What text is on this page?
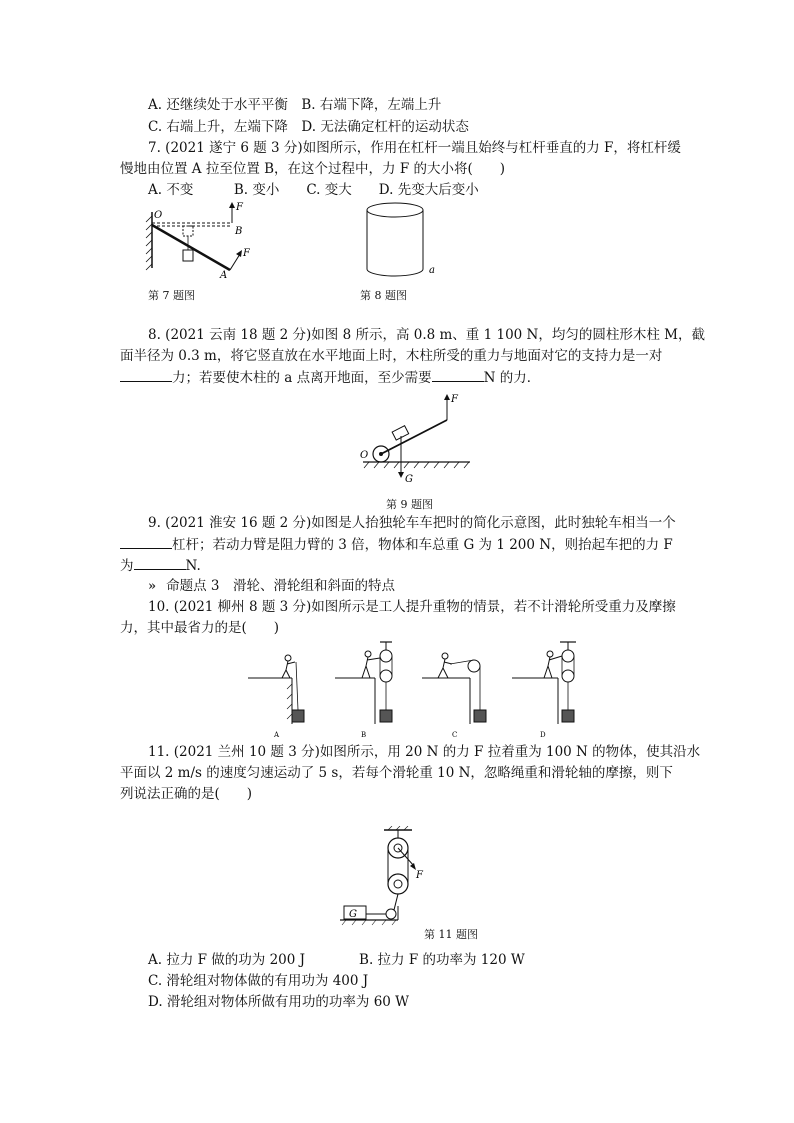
A. 还继续处于水平平衡　B. 右端下降，左端上升
C. 右端上升，左端下降　D. 无法确定杠杆的运动状态
7. (2021 遂宁 6 题 3 分)如图所示，作用在杠杆一端且始终与杠杆垂直的力 F，将杠杆缓
慢地由位置 A 拉至位置 B，在这个过程中，力 F 的大小将(　　)
A. 不变　　　B. 变小　　C. 变大　　D. 先变大后变小
O
F
B
F
A
第 7 题图
a
第 8 题图
8. (2021 云南 18 题 2 分)如图 8 所示，高 0.8 m、重 1 100 N，均匀的圆柱形木柱 M，截
面半径为 0.3 m，将它竖直放在水平地面上时，木柱所受的重力与地面对它的支持力是一对
力；若要使木柱的 a 点离开地面，至少需要	N 的力．
F
O
G
第 9 题图
9. (2021 淮安 16 题 2 分)如图是人抬独轮车车把时的简化示意图，此时独轮车相当一个
杠杆；若动力臂是阻力臂的 3 倍，物体和车总重 G 为 1 200 N，则抬起车把的力 F
为	N.
» 命题点 3　滑轮、滑轮组和斜面的特点
10. (2021 柳州 8 题 3 分)如图所示是工人提升重物的情景，若不计滑轮所受重力及摩擦
力，其中最省力的是(　　)
A	B	C	D
11. (2021 兰州 10 题 3 分)如图所示，用 20 N 的力 F 拉着重为 100 N 的物体，使其沿水
平面以 2 m/s 的速度匀速运动了 5 s，若每个滑轮重 10 N，忽略绳重和滑轮轴的摩擦，则下
列说法正确的是(　　)
F
G
第 11 题图
A. 拉力 F 做的功为 200 J　　　　B. 拉力 F 的功率为 120 W
C. 滑轮组对物体做的有用功为 400 J
D. 滑轮组对物体所做有用功的功率为 60 W
